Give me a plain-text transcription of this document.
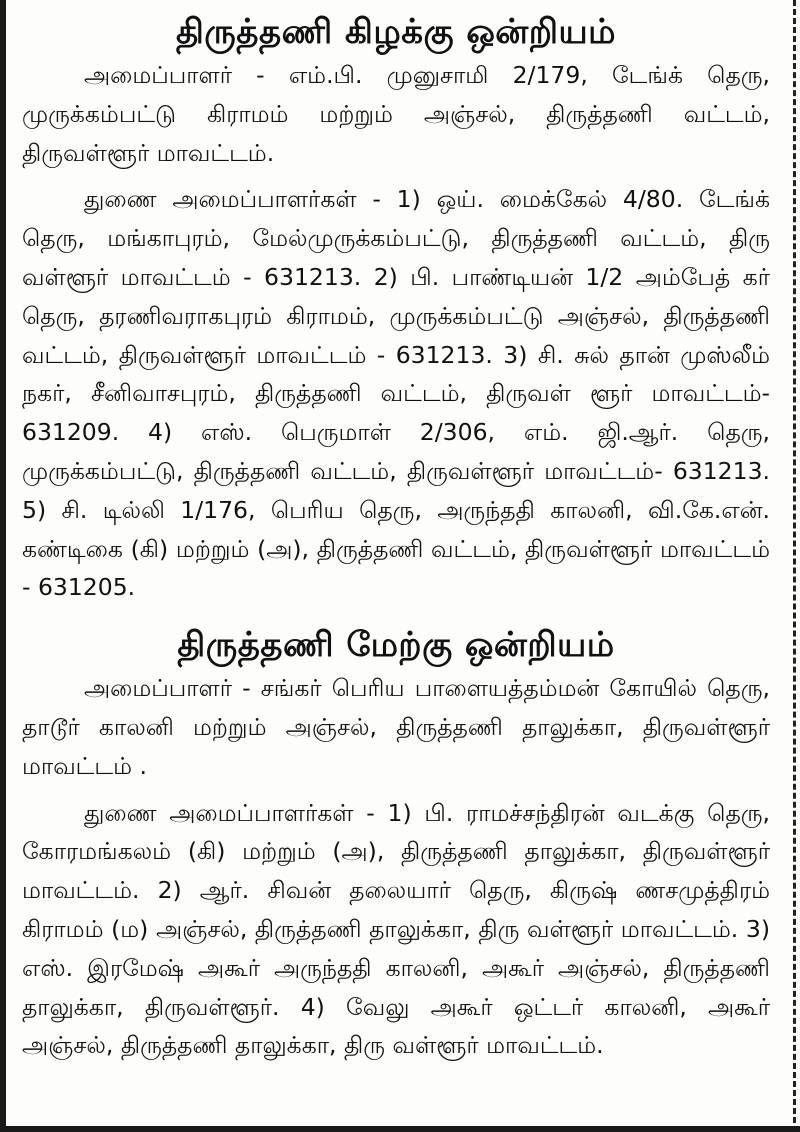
திருத்தணி கிழக்கு ஒன்றியம்

அமைப்பாளர் - எம்.பி. முனுசாமி 2/179, டேங்க் தெரு, முருக்கம்பட்டு கிராமம் மற்றும் அஞ்சல், திருத்தணி வட்டம், திருவள்ளூர் மாவட்டம்.

துணை அமைப்பாளர்கள் - 1) ஒய். மைக்கேல் 4/80. டேங்க் தெரு, மங்காபுரம், மேல்முருக்கம்பட்டு, திருத்தணி வட்டம், திரு வள்ளூர் மாவட்டம் - 631213. 2) பி. பாண்டியன் 1/2 அம்பேத் கர் தெரு, தரணிவராகபுரம் கிராமம், முருக்கம்பட்டு அஞ்சல், திருத்தணி வட்டம், திருவள்ளூர் மாவட்டம் - 631213. 3) சி. சுல் தான் முஸ்லீம் நகர், சீனிவாசபுரம், திருத்தணி வட்டம், திருவள் ளூர் மாவட்டம்- 631209. 4) எஸ். பெருமாள் 2/306, எம். ஜி.ஆர். தெரு, முருக்கம்பட்டு, திருத்தணி வட்டம், திருவள்ளூர் மாவட்டம்- 631213. 5) சி. டில்லி 1/176, பெரிய தெரு, அருந்ததி காலனி, வி.கே.என். கண்டிகை (கி) மற்றும் (அ), திருத்தணி வட்டம், திருவள்ளூர் மாவட்டம் - 631205.

திருத்தணி மேற்கு ஒன்றியம்

அமைப்பாளர் - சங்கர் பெரிய பாளையத்தம்மன் கோயில் தெரு, தாடூர் காலனி மற்றும் அஞ்சல், திருத்தணி தாலுக்கா, திருவள்ளூர் மாவட்டம் .

துணை அமைப்பாளர்கள் - 1) பி. ராமச்சந்திரன் வடக்கு தெரு, கோரமங்கலம் (கி) மற்றும் (அ), திருத்தணி தாலுக்கா, திருவள்ளூர் மாவட்டம். 2) ஆர். சிவன் தலையார் தெரு, கிருஷ் ணசமுத்திரம் கிராமம் (ம) அஞ்சல், திருத்தணி தாலுக்கா, திரு வள்ளூர் மாவட்டம். 3) எஸ். இரமேஷ் அகூர் அருந்ததி காலனி, அகூர் அஞ்சல், திருத்தணி தாலுக்கா, திருவள்ளூர். 4) வேலு அகூர் ஒட்டர் காலனி, அகூர் அஞ்சல், திருத்தணி தாலுக்கா, திரு வள்ளூர் மாவட்டம்.
